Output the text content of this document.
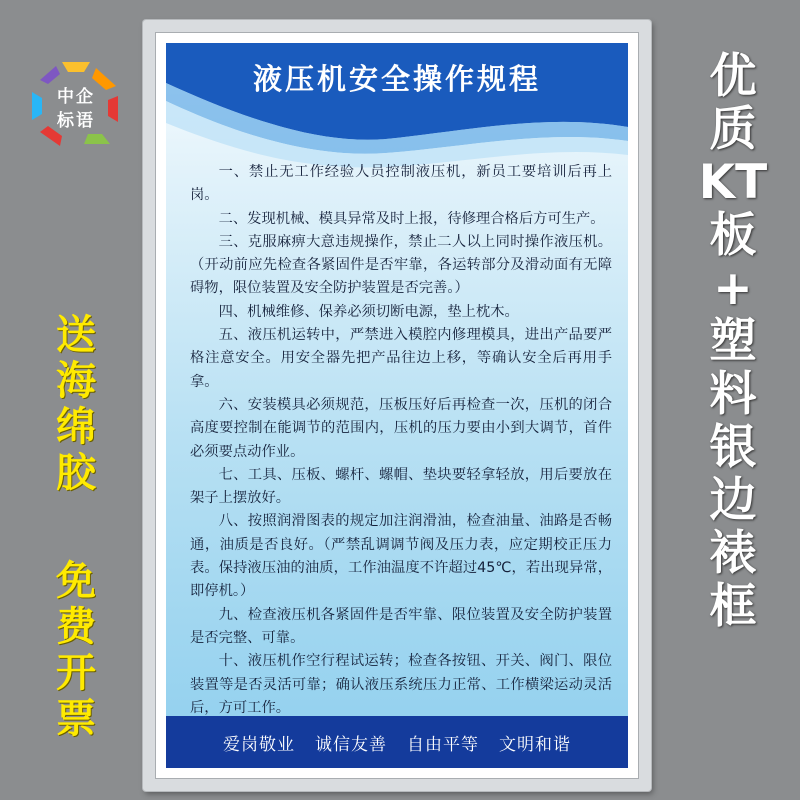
中企
标语
送
海
绵
胶
免
费
开
票
优
质
KT
板
+
塑
料
银
边
裱
框
液压机安全操作规程

一、禁止无工作经验人员控制液压机，新员工要培训后再上岗。

二、发现机械、模具异常及时上报，待修理合格后方可生产。

三、克服麻痹大意违规操作，禁止二人以上同时操作液压机。（开动前应先检查各紧固件是否牢靠，各运转部分及滑动面有无障碍物，限位装置及安全防护装置是否完善。）

四、机械维修、保养必须切断电源，垫上枕木。

五、液压机运转中，严禁进入模腔内修理模具，进出产品要严格注意安全。用安全器先把产品往边上移，等确认安全后再用手拿。

六、安装模具必须规范，压板压好后再检查一次，压机的闭合高度要控制在能调节的范围内，压机的压力要由小到大调节，首件必须要点动作业。

七、工具、压板、螺杆、螺帽、垫块要轻拿轻放，用后要放在架子上摆放好。

八、按照润滑图表的规定加注润滑油，检查油量、油路是否畅通，油质是否良好。（严禁乱调调节阀及压力表，应定期校正压力表。保持液压油的油质，工作油温度不许超过45℃，若出现异常，即停机。）

九、检查液压机各紧固件是否牢靠、限位装置及安全防护装置是否完整、可靠。

十、液压机作空行程试运转；检查各按钮、开关、阀门、限位装置等是否灵活可靠；确认液压系统压力正常、工作横梁运动灵活后，方可工作。

爱岗敬业 诚信友善 自由平等 文明和谐
